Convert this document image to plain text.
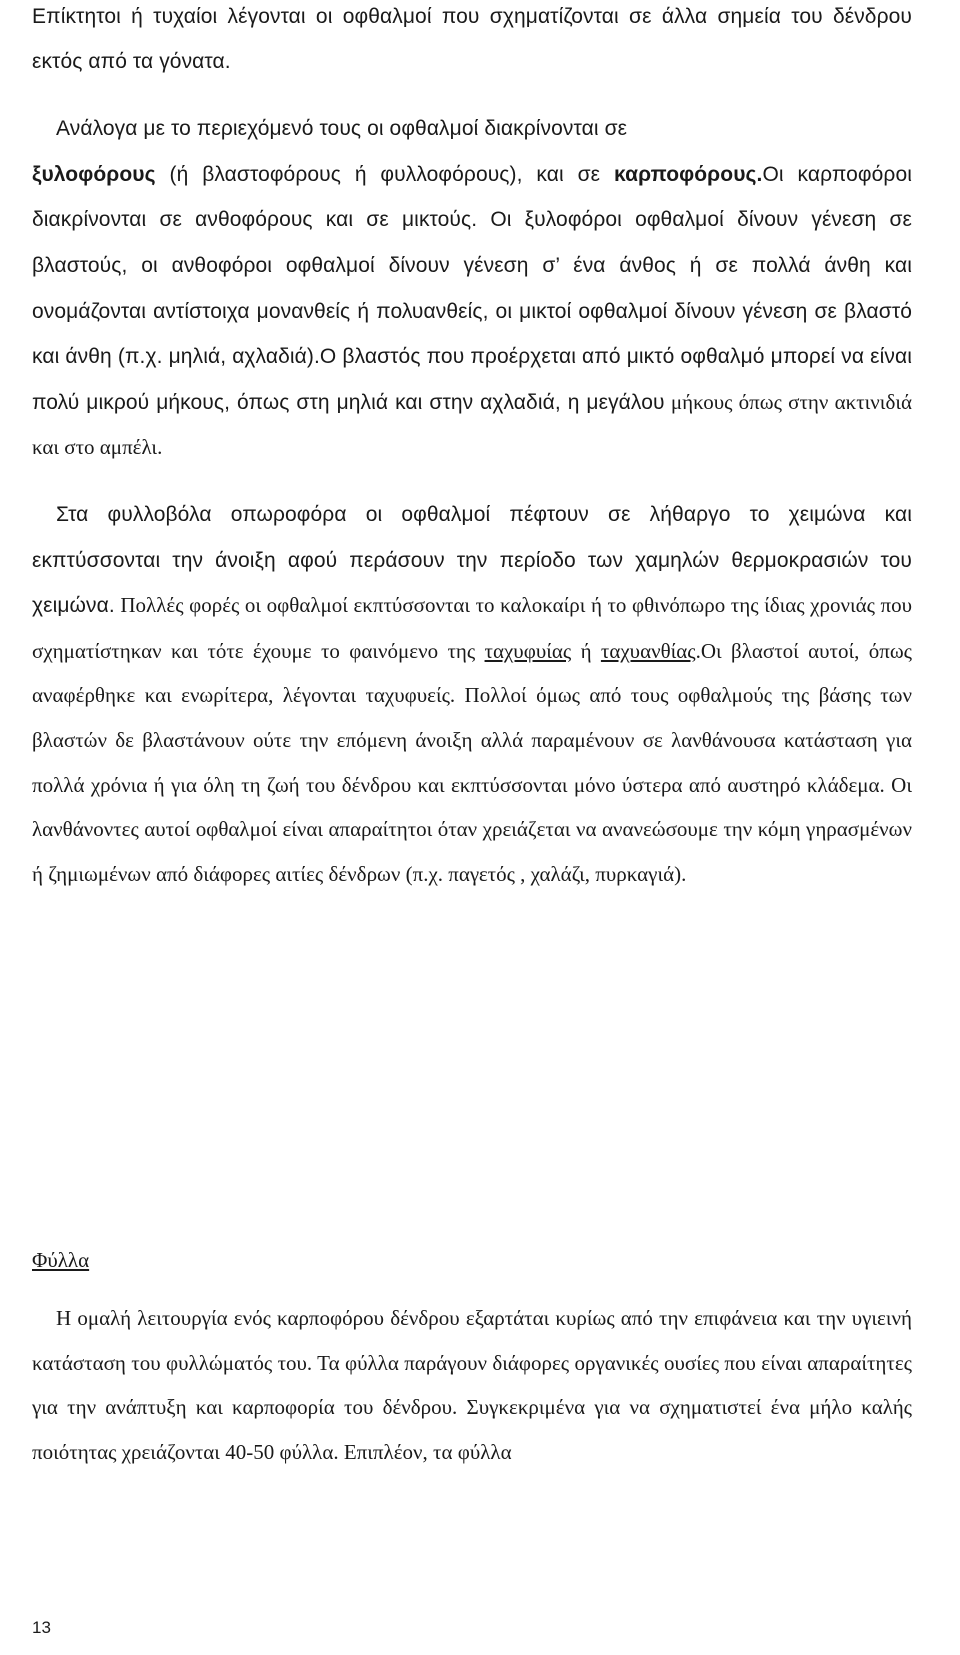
Επίκτητοι ή τυχαίοι λέγονται οι οφθαλμοί που σχηματίζονται σε άλλα σημεία του δένδρου εκτός από τα γόνατα.

Ανάλογα με το περιεχόμενό τους οι οφθαλμοί διακρίνονται σε
ξυλοφόρους (ή βλαστοφόρους ή φυλλοφόρους), και σε καρποφόρους.Οι καρποφόροι διακρίνονται σε ανθοφόρους και σε μικτούς. Οι ξυλοφόροι οφθαλμοί δίνουν γένεση σε βλαστούς, οι ανθοφόροι οφθαλμοί δίνουν γένεση σ’ ένα άνθος ή σε πολλά άνθη και ονομάζονται αντίστοιχα μονανθείς ή πολυανθείς, οι μικτοί οφθαλμοί δίνουν γένεση σε βλαστό και άνθη (π.χ. μηλιά, αχλαδιά).Ο βλαστός που προέρχεται από μικτό οφθαλμό μπορεί να είναι πολύ μικρού μήκους, όπως στη μηλιά και στην αχλαδιά, η μεγάλου μήκους όπως στην ακτινιδιά και στο αμπέλι.

Στα φυλλοβόλα οπωροφόρα οι οφθαλμοί πέφτουν σε λήθαργο το χειμώνα και εκπτύσσονται την άνοιξη αφού περάσουν την περίοδο των χαμηλών θερμοκρασιών του χειμώνα. Πολλές φορές οι οφθαλμοί εκπτύσσονται το καλοκαίρι ή το φθινόπωρο της ίδιας χρονιάς που σχηματίστηκαν και τότε έχουμε το φαινόμενο της ταχυφυίας ή ταχυανθίας.Οι βλαστοί αυτοί, όπως αναφέρθηκε και ενωρίτερα, λέγονται ταχυφυείς. Πολλοί όμως από τους οφθαλμούς της βάσης των βλαστών δε βλαστάνουν ούτε την επόμενη άνοιξη αλλά παραμένουν σε λανθάνουσα κατάσταση για πολλά χρόνια ή για όλη τη ζωή του δένδρου και εκπτύσσονται μόνο ύστερα από αυστηρό κλάδεμα. Οι λανθάνοντες αυτοί οφθαλμοί είναι απαραίτητοι όταν χρειάζεται να ανανεώσουμε την κόμη γηρασμένων ή ζημιωμένων από διάφορες αιτίες δένδρων (π.χ. παγετός , χαλάζι, πυρκαγιά).

Φύλλα

Η ομαλή λειτουργία ενός καρποφόρου δένδρου εξαρτάται κυρίως από την επιφάνεια και την υγιεινή κατάσταση του φυλλώματός του. Τα φύλλα παράγουν διάφορες οργανικές ουσίες που είναι απαραίτητες για την ανάπτυξη και καρποφορία του δένδρου. Συγκεκριμένα για να σχηματιστεί ένα μήλο καλής ποιότητας χρειάζονται 40-50 φύλλα. Επιπλέον, τα φύλλα

13
